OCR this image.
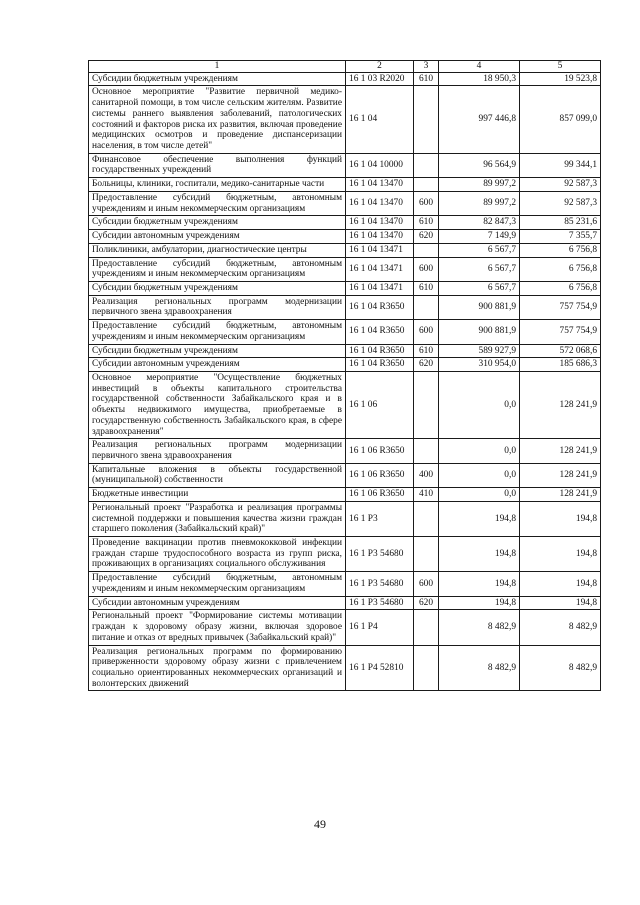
1	2	3	4	5
Субсидии бюджетным учреждениям	16 1 03 R2020	610	18 950,3	19 523,8
Основное мероприятие "Развитие первичной медико-санитарной помощи, в том числе сельским жителям. Развитие системы раннего выявления заболеваний, патологических состояний и факторов риска их развития, включая проведение медицинских осмотров и проведение диспансеризации населения, в том числе детей"	16 1 04		997 446,8	857 099,0
Финансовое обеспечение выполнения функций государственных учреждений	16 1 04 10000		96 564,9	99 344,1
Больницы, клиники, госпитали, медико-санитарные части	16 1 04 13470		89 997,2	92 587,3
Предоставление субсидий бюджетным, автономным учреждениям и иным некоммерческим организациям	16 1 04 13470	600	89 997,2	92 587,3
Субсидии бюджетным учреждениям	16 1 04 13470	610	82 847,3	85 231,6
Субсидии автономным учреждениям	16 1 04 13470	620	7 149,9	7 355,7
Поликлиники, амбулатории, диагностические центры	16 1 04 13471		6 567,7	6 756,8
Предоставление субсидий бюджетным, автономным учреждениям и иным некоммерческим организациям	16 1 04 13471	600	6 567,7	6 756,8
Субсидии бюджетным учреждениям	16 1 04 13471	610	6 567,7	6 756,8
Реализация региональных программ модернизации первичного звена здравоохранения	16 1 04 R3650		900 881,9	757 754,9
Предоставление субсидий бюджетным, автономным учреждениям и иным некоммерческим организациям	16 1 04 R3650	600	900 881,9	757 754,9
Субсидии бюджетным учреждениям	16 1 04 R3650	610	589 927,9	572 068,6
Субсидии автономным учреждениям	16 1 04 R3650	620	310 954,0	185 686,3
Основное мероприятие "Осуществление бюджетных инвестиций в объекты капитального строительства государственной собственности Забайкальского края и в объекты недвижимого имущества, приобретаемые в государственную собственность Забайкальского края, в сфере здравоохранения"	16 1 06		0,0	128 241,9
Реализация региональных программ модернизации первичного звена здравоохранения	16 1 06 R3650		0,0	128 241,9
Капитальные вложения в объекты государственной (муниципальной) собственности	16 1 06 R3650	400	0,0	128 241,9
Бюджетные инвестиции	16 1 06 R3650	410	0,0	128 241,9
Региональный проект "Разработка и реализация программы системной поддержки и повышения качества жизни граждан старшего поколения (Забайкальский край)"	16 1 P3		194,8	194,8
Проведение вакцинации против пневмококковой инфекции граждан старше трудоспособного возраста из групп риска, проживающих в организациях социального обслуживания	16 1 P3 54680		194,8	194,8
Предоставление субсидий бюджетным, автономным учреждениям и иным некоммерческим организациям	16 1 P3 54680	600	194,8	194,8
Субсидии автономным учреждениям	16 1 P3 54680	620	194,8	194,8
Региональный проект "Формирование системы мотивации граждан к здоровому образу жизни, включая здоровое питание и отказ от вредных привычек (Забайкальский край)"	16 1 P4		8 482,9	8 482,9
Реализация региональных программ по формированию приверженности здоровому образу жизни с привлечением социально ориентированных некоммерческих организаций и волонтерских движений	16 1 P4 52810		8 482,9	8 482,9
49
